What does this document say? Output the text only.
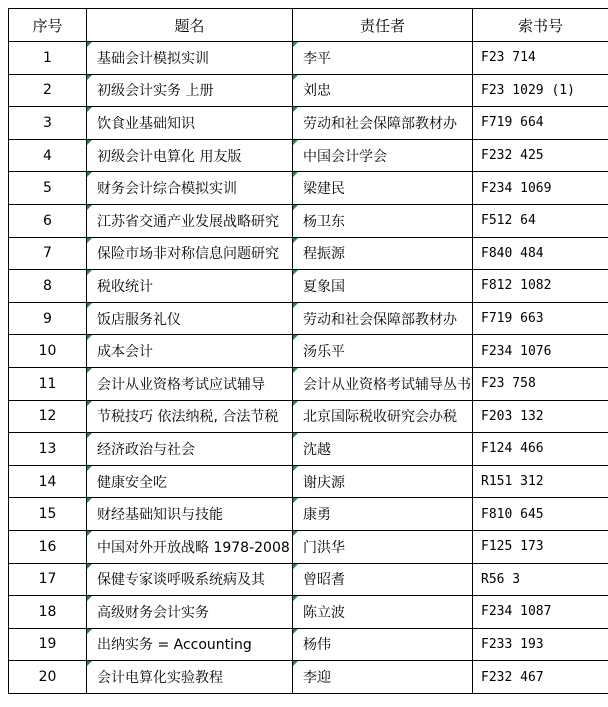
序号	题名	责任者	索书号
1	基础会计模拟实训	李平	F23 714
2	初级会计实务 上册	刘忠	F23 1029 (1)
3	饮食业基础知识	劳动和社会保障部教材办	F719 664
4	初级会计电算化 用友版	中国会计学会	F232 425
5	财务会计综合模拟实训	梁建民	F234 1069
6	江苏省交通产业发展战略研究	杨卫东	F512 64
7	保险市场非对称信息问题研究	程振源	F840 484
8	税收统计	夏象国	F812 1082
9	饭店服务礼仪	劳动和社会保障部教材办	F719 663
10	成本会计	汤乐平	F234 1076
11	会计从业资格考试应试辅导	会计从业资格考试辅导丛书	F23 758
12	节税技巧 依法纳税, 合法节税	北京国际税收研究会办税	F203 132
13	经济政治与社会	沈越	F124 466
14	健康安全吃	谢庆源	R151 312
15	财经基础知识与技能	康勇	F810 645
16	中国对外开放战略 1978-2008	门洪华	F125 173
17	保健专家谈呼吸系统病及其	曾昭耆	R56 3
18	高级财务会计实务	陈立波	F234 1087
19	出纳实务 = Accounting	杨伟	F233 193
20	会计电算化实验教程	李迎	F232 467
